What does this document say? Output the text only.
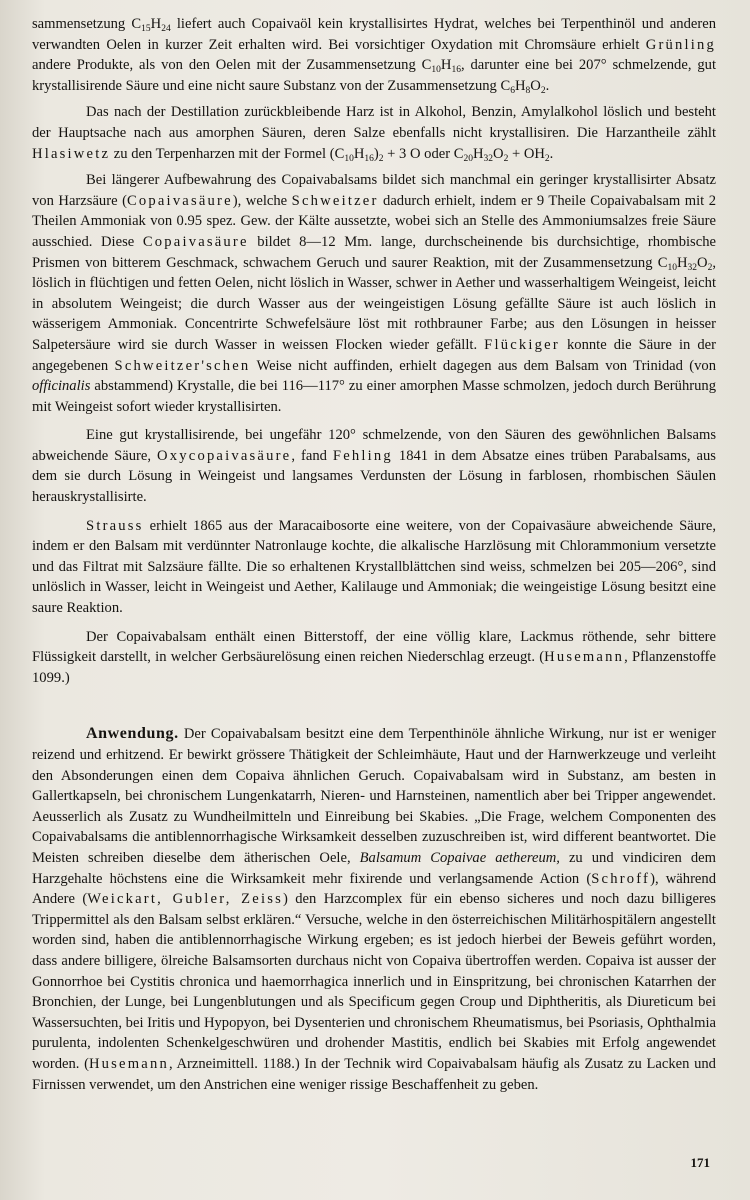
sammensetzung $C_{15}H_{24}$ liefert auch Copaivaöl kein krystallisirtes Hydrat, welches bei Terpenthinöl und anderen verwandten Oelen in kurzer Zeit erhalten wird. Bei vorsichtiger Oxydation mit Chromsäure erhielt Grünling andere Produkte, als von den Oelen mit der Zusammensetzung $C_{10}H_{16}$, darunter eine bei 207° schmelzende, gut krystallisirende Säure und eine nicht saure Substanz von der Zusammensetzung $C_6H_8O_2$.

Das nach der Destillation zurückbleibende Harz ist in Alkohol, Benzin, Amylalkohol löslich und besteht der Hauptsache nach aus amorphen Säuren, deren Salze ebenfalls nicht krystallisiren. Die Harzantheile zählt Hlasiwetz zu den Terpenharzen mit der Formel $(C_{10}H_{16})_2 + 3$ O oder $C_{20}H_{32}O_2 + OH_2$.

Bei längerer Aufbewahrung des Copaivabalsams bildet sich manchmal ein geringer krystallisirter Absatz von Harzsäure (Copaivasäure), welche Schweitzer dadurch erhielt, indem er 9 Theile Copaivabalsam mit 2 Theilen Ammoniak von 0.95 spez. Gew. der Kälte aussetzte, wobei sich an Stelle des Ammoniumsalzes freie Säure ausschied. Diese Copaivasäure bildet 8—12 Mm. lange, durchscheinende bis durchsichtige, rhombische Prismen von bitterem Geschmack, schwachem Geruch und saurer Reaktion, mit der Zusammensetzung $C_{10}H_{32}O_2$, löslich in flüchtigen und fetten Oelen, nicht löslich in Wasser, schwer in Aether und wasserhaltigem Weingeist, leicht in absolutem Weingeist; die durch Wasser aus der weingeistigen Lösung gefällte Säure ist auch löslich in wässerigem Ammoniak. Concentrirte Schwefelsäure löst mit rothbrauner Farbe; aus den Lösungen in heisser Salpetersäure wird sie durch Wasser in weissen Flocken wieder gefällt. Flückiger konnte die Säure in der angegebenen Schweitzer'schen Weise nicht auffinden, erhielt dagegen aus dem Balsam von Trinidad (von officinalis abstammend) Krystalle, die bei 116—117° zu einer amorphen Masse schmolzen, jedoch durch Berührung mit Weingeist sofort wieder krystallisirten.

Eine gut krystallisirende, bei ungefähr 120° schmelzende, von den Säuren des gewöhnlichen Balsams abweichende Säure, Oxycopaivasäure, fand Fehling 1841 in dem Absatze eines trüben Parabalsams, aus dem sie durch Lösung in Weingeist und langsames Verdunsten der Lösung in farblosen, rhombischen Säulen herauskrystallisirte.

Strauss erhielt 1865 aus der Maracaibosorte eine weitere, von der Copaivasäure abweichende Säure, indem er den Balsam mit verdünnter Natronlauge kochte, die alkalische Harzlösung mit Chlorammonium versetzte und das Filtrat mit Salzsäure fällte. Die so erhaltenen Krystallblättchen sind weiss, schmelzen bei 205—206°, sind unlöslich in Wasser, leicht in Weingeist und Aether, Kalilauge und Ammoniak; die weingeistige Lösung besitzt eine saure Reaktion.

Der Copaivabalsam enthält einen Bitterstoff, der eine völlig klare, Lackmus röthende, sehr bittere Flüssigkeit darstellt, in welcher Gerbsäurelösung einen reichen Niederschlag erzeugt. (Husemann, Pflanzenstoffe 1099.)

Anwendung. Der Copaivabalsam besitzt eine dem Terpenthinöle ähnliche Wirkung, nur ist er weniger reizend und erhitzend. Er bewirkt grössere Thätigkeit der Schleimhäute, Haut und der Harnwerkzeuge und verleiht den Absonderungen einen dem Copaiva ähnlichen Geruch. Copaivabalsam wird in Substanz, am besten in Gallertkapseln, bei chronischem Lungenkatarrh, Nieren- und Harnsteinen, namentlich aber bei Tripper angewendet. Aeusserlich als Zusatz zu Wundheilmitteln und Einreibung bei Skabies. „Die Frage, welchem Componenten des Copaivabalsams die antiblennorrhagische Wirksamkeit desselben zuzuschreiben ist, wird different beantwortet. Die Meisten schreiben dieselbe dem ätherischen Oele, Balsamum Copaivae aethereum, zu und vindiciren dem Harzgehalte höchstens eine die Wirksamkeit mehr fixirende und verlangsamende Action (Schroff), während Andere (Weickart, Gubler, Zeiss) den Harzcomplex für ein ebenso sicheres und noch dazu billigeres Trippermittel als den Balsam selbst erklären.“ Versuche, welche in den österreichischen Militärhospitälern angestellt worden sind, haben die antiblennorrhagische Wirkung ergeben; es ist jedoch hierbei der Beweis geführt worden, dass andere billigere, ölreiche Balsamsorten durchaus nicht von Copaiva übertroffen werden. Copaiva ist ausser der Gonnorrhoe bei Cystitis chronica und haemorrhagica innerlich und in Einspritzung, bei chronischen Katarrhen der Bronchien, der Lunge, bei Lungenblutungen und als Specificum gegen Croup und Diphtheritis, als Diureticum bei Wassersuchten, bei Iritis und Hypopyon, bei Dysenterien und chronischem Rheumatismus, bei Psoriasis, Ophthalmia purulenta, indolenten Schenkelgeschwüren und drohender Mastitis, endlich bei Skabies mit Erfolg angewendet worden. (Husemann, Arzneimittell. 1188.) In der Technik wird Copaivabalsam häufig als Zusatz zu Lacken und Firnissen verwendet, um den Anstrichen eine weniger rissige Beschaffenheit zu geben.

171
